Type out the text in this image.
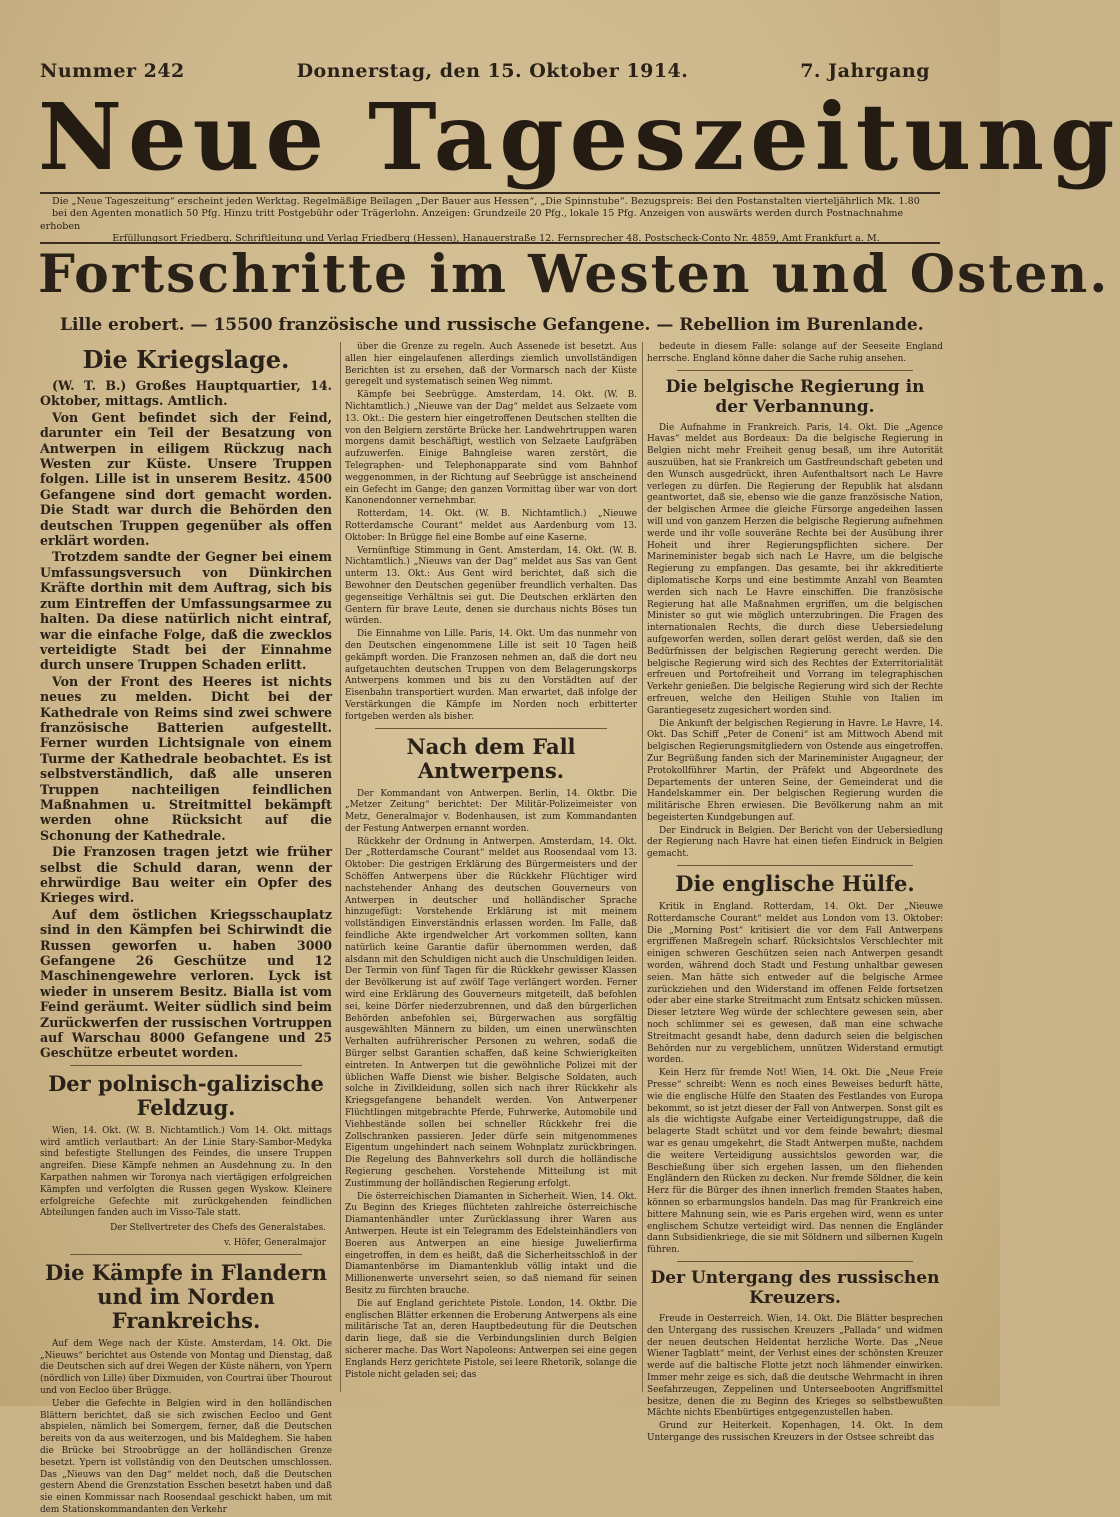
Nummer 242	Donnerstag, den 15. Oktober 1914.	7. Jahrgang
Neue Tageszeitung

Die „Neue Tageszeitung“ erscheint jeden Werktag. Regelmäßige Beilagen „Der Bauer aus Hessen“, „Die Spinnstube“. Bezugspreis: Bei den Postanstalten vierteljährlich Mk. 1.80

bei den Agenten monatlich 50 Pfg. Hinzu tritt Postgebühr oder Trägerlohn. Anzeigen: Grundzeile 20 Pfg., lokale 15 Pfg. Anzeigen von auswärts werden durch Postnachnahme erhoben

Erfüllungsort Friedberg. Schriftleitung und Verlag Friedberg (Hessen), Hanauerstraße 12. Fernsprecher 48. Postscheck-Conto Nr. 4859, Amt Frankfurt a. M.

Fortschritte im Westen und Osten.
Lille erobert. — 15500 französische und russische Gefangene. — Rebellion im Burenlande.
Die Kriegslage.

(W. T. B.) Großes Hauptquartier, 14. Oktober, mittags. Amtlich.

Von Gent befindet sich der Feind, darunter ein Teil der Besatzung von Antwerpen in eiligem Rückzug nach Westen zur Küste. Unsere Truppen folgen. Lille ist in unserem Besitz. 4500 Gefangene sind dort gemacht worden. Die Stadt war durch die Behörden den deutschen Truppen gegenüber als offen erklärt worden.

Trotzdem sandte der Gegner bei einem Umfassungsversuch von Dünkirchen Kräfte dorthin mit dem Auftrag, sich bis zum Eintreffen der Umfassungsarmee zu halten. Da diese natürlich nicht eintraf, war die einfache Folge, daß die zwecklos verteidigte Stadt bei der Einnahme durch unsere Truppen Schaden erlitt.

Von der Front des Heeres ist nichts neues zu melden. Dicht bei der Kathedrale von Reims sind zwei schwere französische Batterien aufgestellt. Ferner wurden Lichtsignale von einem Turme der Kathedrale beobachtet. Es ist selbstverständlich, daß alle unseren Truppen nachteiligen feindlichen Maßnahmen u. Streitmittel bekämpft werden ohne Rücksicht auf die Schonung der Kathedrale.

Die Franzosen tragen jetzt wie früher selbst die Schuld daran, wenn der ehrwürdige Bau weiter ein Opfer des Krieges wird.

Auf dem östlichen Kriegsschauplatz sind in den Kämpfen bei Schirwindt die Russen geworfen u. haben 3000 Gefangene 26 Geschütze und 12 Maschinengewehre verloren. Lyck ist wieder in unserem Besitz. Bialla ist vom Feind geräumt. Weiter südlich sind beim Zurückwerfen der russischen Vortruppen auf Warschau 8000 Gefangene und 25 Geschütze erbeutet worden.

Der polnisch-galizische Feldzug.

Wien, 14. Okt. (W. B. Nichtamtlich.) Vom 14. Okt. mittags wird amtlich verlautbart: An der Linie Stary-Sambor-Medyka sind befestigte Stellungen des Feindes, die unsere Truppen angreifen. Diese Kämpfe nehmen an Ausdehnung zu. In den Karpathen nahmen wir Toronya nach viertägigen erfolgreichen Kämpfen und verfolgten die Russen gegen Wyskow. Kleinere erfolgreiche Gefechte mit zurückgehenden feindlichen Abteilungen fanden auch im Visso-Tale statt.

Der Stellvertreter des Chefs des Generalstabes.

v. Höfer, Generalmajor

Die Kämpfe in Flandern und im Norden Frankreichs.

Auf dem Wege nach der Küste. Amsterdam, 14. Okt. Die „Nieuws“ berichtet aus Ostende von Montag und Dienstag, daß die Deutschen sich auf drei Wegen der Küste nähern, von Ypern (nördlich von Lille) über Dixmuiden, von Courtrai über Thourout und von Eecloo über Brügge.

Ueber die Gefechte in Belgien wird in den holländischen Blättern berichtet, daß sie sich zwischen Eecloo und Gent abspielen, nämlich bei Somergem, ferner, daß die Deutschen bereits von da aus weiterzogen, und bis Maldeghem. Sie haben die Brücke bei Stroobrügge an der holländischen Grenze besetzt. Ypern ist vollständig von den Deutschen umschlossen. Das „Nieuws van den Dag“ meldet noch, daß die Deutschen gestern Abend die Grenzstation Esschen besetzt haben und daß sie einen Kommissar nach Roosendaal geschickt haben, um mit dem Stationskommandanten den Verkehr

über die Grenze zu regeln. Auch Assenede ist besetzt. Aus allen hier eingelaufenen allerdings ziemlich unvollständigen Berichten ist zu ersehen, daß der Vormarsch nach der Küste geregelt und systematisch seinen Weg nimmt.

Kämpfe bei Seebrügge. Amsterdam, 14. Okt. (W. B. Nichtamtlich.) „Nieuwe van der Dag“ meldet aus Selzaete vom 13. Okt.: Die gestern hier eingetroffenen Deutschen stellten die von den Belgiern zerstörte Brücke her. Landwehrtruppen waren morgens damit beschäftigt, westlich von Selzaete Laufgräben aufzuwerfen. Einige Bahngleise waren zerstört, die Telegraphen- und Telephonapparate sind vom Bahnhof weggenommen, in der Richtung auf Seebrügge ist anscheinend ein Gefecht im Gange; den ganzen Vormittag über war von dort Kanonendonner vernehmbar.

Rotterdam, 14. Okt. (W. B. Nichtamtlich.) „Nieuwe Rotterdamsche Courant“ meldet aus Aardenburg vom 13. Oktober: In Brügge fiel eine Bombe auf eine Kaserne.

Vernünftige Stimmung in Gent. Amsterdam, 14. Okt. (W. B. Nichtamtlich.) „Nieuws van der Dag“ meldet aus Sas van Gent unterm 13. Okt.: Aus Gent wird berichtet, daß sich die Bewohner den Deutschen gegenüber freundlich verhalten. Das gegenseitige Verhältnis sei gut. Die Deutschen erklärten den Gentern für brave Leute, denen sie durchaus nichts Böses tun würden.

Die Einnahme von Lille. Paris, 14. Okt. Um das nunmehr von den Deutschen eingenommene Lille ist seit 10 Tagen heiß gekämpft worden. Die Franzosen nehmen an, daß die dort neu aufgetauchten deutschen Truppen von dem Belagerungskorps Antwerpens kommen und bis zu den Vorstädten auf der Eisenbahn transportiert wurden. Man erwartet, daß infolge der Verstärkungen die Kämpfe im Norden noch erbitterter fortgeben werden als bisher.

Nach dem Fall Antwerpens.

Der Kommandant von Antwerpen. Berlin, 14. Oktbr. Die „Metzer Zeitung“ berichtet: Der Militär-Polizeimeister von Metz, Generalmajor v. Bodenhausen, ist zum Kommandanten der Festung Antwerpen ernannt worden.

Rückkehr der Ordnung in Antwerpen. Amsterdam, 14. Okt. Der „Rotterdamsche Courant“ meldet aus Roosendaal vom 13. Oktober: Die gestrigen Erklärung des Bürgermeisters und der Schöffen Antwerpens über die Rückkehr Flüchtiger wird nachstehender Anhang des deutschen Gouverneurs von Antwerpen in deutscher und holländischer Sprache hinzugefügt: Vorstehende Erklärung ist mit meinem vollständigen Einverständnis erlassen worden. Im Falle, daß feindliche Akte irgendwelcher Art vorkommen sollten, kann natürlich keine Garantie dafür übernommen werden, daß alsdann mit den Schuldigen nicht auch die Unschuldigen leiden. Der Termin von fünf Tagen für die Rückkehr gewisser Klassen der Bevölkerung ist auf zwölf Tage verlängert worden. Ferner wird eine Erklärung des Gouverneurs mitgeteilt, daß befohlen sei, keine Dörfer niederzubrennen, und daß den bürgerlichen Behörden anbefohlen sei, Bürgerwachen aus sorgfältig ausgewählten Männern zu bilden, um einen unerwünschten Verhalten aufrührerischer Personen zu wehren, sodaß die Bürger selbst Garantien schaffen, daß keine Schwierigkeiten eintreten. In Antwerpen tut die gewöhnliche Polizei mit der üblichen Waffe Dienst wie bisher. Belgische Soldaten, auch solche in Zivilkleidung, sollen sich nach ihrer Rückkehr als Kriegsgefangene behandelt werden. Von Antwerpener Flüchtlingen mitgebrachte Pferde, Fuhrwerke, Automobile und Viehbestände sollen bei schneller Rückkehr frei die Zollschranken passieren. Jeder dürfe sein mitgenommenes Eigentum ungehindert nach seinem Wohnplatz zurückbringen. Die Regelung des Bahnverkehrs soll durch die holländische Regierung geschehen. Vorstehende Mitteilung ist mit Zustimmung der holländischen Regierung erfolgt.

Die österreichischen Diamanten in Sicherheit. Wien, 14. Okt. Zu Beginn des Krieges flüchteten zahlreiche österreichische Diamantenhändler unter Zurücklassung ihrer Waren aus Antwerpen. Heute ist ein Telegramm des Edelsteinhändlers von Boeren aus Antwerpen an eine hiesige Juwelierfirma eingetroffen, in dem es heißt, daß die Sicherheitsschloß in der Diamantenbörse im Diamantenklub völlig intakt und die Millionenwerte unversehrt seien, so daß niemand für seinen Besitz zu fürchten brauche.

Die auf England gerichtete Pistole. London, 14. Oktbr. Die englischen Blätter erkennen die Eroberung Antwerpens als eine militärische Tat an, deren Hauptbedeutung für die Deutschen darin liege, daß sie die Verbindungslinien durch Belgien sicherer mache. Das Wort Napoleons: Antwerpen sei eine gegen Englands Herz gerichtete Pistole, sei leere Rhetorik, solange die Pistole nicht geladen sei; das

bedeute in diesem Falle: solange auf der Seeseite England herrsche. England könne daher die Sache ruhig ansehen.

Die belgische Regierung in der Verbannung.

Die Aufnahme in Frankreich. Paris, 14. Okt. Die „Agence Havas“ meldet aus Bordeaux: Da die belgische Regierung in Belgien nicht mehr Freiheit genug besaß, um ihre Autorität auszuüben, hat sie Frankreich um Gastfreundschaft gebeten und den Wunsch ausgedrückt, ihren Aufenthaltsort nach Le Havre verlegen zu dürfen. Die Regierung der Republik hat alsdann geantwortet, daß sie, ebenso wie die ganze französische Nation, der belgischen Armee die gleiche Fürsorge angedeihen lassen will und von ganzem Herzen die belgische Regierung aufnehmen werde und ihr volle souveräne Rechte bei der Ausübung ihrer Hoheit und ihrer Regierungspflichten sichere. Der Marineminister begab sich nach Le Havre, um die belgische Regierung zu empfangen. Das gesamte, bei ihr akkreditierte diplomatische Korps und eine bestimmte Anzahl von Beamten werden sich nach Le Havre einschiffen. Die französische Regierung hat alle Maßnahmen ergriffen, um die belgischen Minister so gut wie möglich unterzubringen. Die Fragen des internationalen Rechts, die durch diese Uebersiedelung aufgeworfen werden, sollen derart gelöst werden, daß sie den Bedürfnissen der belgischen Regierung gerecht werden. Die belgische Regierung wird sich des Rechtes der Exterritorialität erfreuen und Portofreiheit und Vorrang im telegraphischen Verkehr genießen. Die belgische Regierung wird sich der Rechte erfreuen, welche den Heiligen Stuhle von Italien im Garantiegesetz zugesichert worden sind.

Die Ankunft der belgischen Regierung in Havre. Le Havre, 14. Okt. Das Schiff „Peter de Coneni“ ist am Mittwoch Abend mit belgischen Regierungsmitgliedern von Ostende aus eingetroffen. Zur Begrüßung fanden sich der Marineminister Augagneur, der Protokollführer Martin, der Präfekt und Abgeordnete des Departements der unteren Seine, der Gemeinderat und die Handelskammer ein. Der belgischen Regierung wurden die militärische Ehren erwiesen. Die Bevölkerung nahm an mit begeisterten Kundgebungen auf.

Der Eindruck in Belgien. Der Bericht von der Uebersiedlung der Regierung nach Havre hat einen tiefen Eindruck in Belgien gemacht.

Die englische Hülfe.

Kritik in England. Rotterdam, 14. Okt. Der „Nieuwe Rotterdamsche Courant“ meldet aus London vom 13. Oktober: Die „Morning Post“ kritisiert die vor dem Fall Antwerpens ergriffenen Maßregeln scharf. Rücksichtslos Verschlechter mit einigen schweren Geschützen seien nach Antwerpen gesandt worden, während doch Stadt und Festung unhaltbar gewesen seien. Man hätte sich entweder auf die belgische Armee zurückziehen und den Widerstand im offenen Felde fortsetzen oder aber eine starke Streitmacht zum Entsatz schicken müssen. Dieser letztere Weg würde der schlechtere gewesen sein, aber noch schlimmer sei es gewesen, daß man eine schwache Streitmacht gesandt habe, denn dadurch seien die belgischen Behörden nur zu vergeblichem, unnützen Widerstand ermutigt worden.

Kein Herz für fremde Not! Wien, 14. Okt. Die „Neue Freie Presse“ schreibt: Wenn es noch eines Beweises bedurft hätte, wie die englische Hülfe den Staaten des Festlandes von Europa bekommt, so ist jetzt dieser der Fall von Antwerpen. Sonst gilt es als die wichtigste Aufgabe einer Verteidigungstruppe, daß die belagerte Stadt schützt und vor dem feinde bewahrt; diesmal war es genau umgekehrt, die Stadt Antwerpen mußte, nachdem die weitere Verteidigung aussichtslos geworden war, die Beschießung über sich ergehen lassen, um den fliehenden Engländern den Rücken zu decken. Nur fremde Söldner, die kein Herz für die Bürger des ihnen innerlich fremden Staates haben, können so erbarmungslos handeln. Das mag für Frankreich eine bittere Mahnung sein, wie es Paris ergehen wird, wenn es unter englischem Schutze verteidigt wird. Das nennen die Engländer dann Subsidienkriege, die sie mit Söldnern und silbernen Kugeln führen.

Der Untergang des russischen Kreuzers.

Freude in Oesterreich. Wien, 14. Okt. Die Blätter besprechen den Untergang des russischen Kreuzers „Pallada“ und widmen der neuen deutschen Heldentat herzliche Worte. Das „Neue Wiener Tagblatt“ meint, der Verlust eines der schönsten Kreuzer werde auf die baltische Flotte jetzt noch lähmender einwirken. Immer mehr zeige es sich, daß die deutsche Wehrmacht in ihren Seefahrzeugen, Zeppelinen und Unterseebooten Angriffsmittel besitze, denen die zu Beginn des Krieges so selbstbewußten Mächte nichts Ebenbürtiges entgegenzustellen haben.

Grund zur Heiterkeit. Kopenhagen, 14. Okt. In dem Untergange des russischen Kreuzers in der Ostsee schreibt das
